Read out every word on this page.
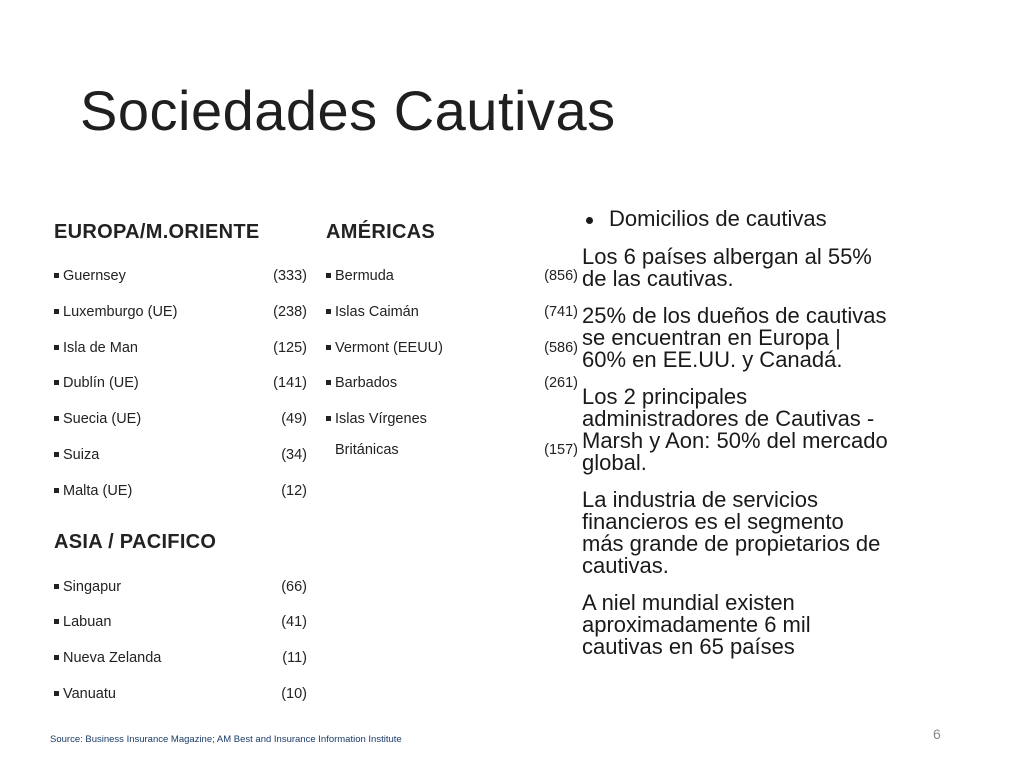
Sociedades Cautivas
EUROPA/M.ORIENTE
Guernsey	(333)
Luxemburgo (UE)	(238)
Isla de Man	(125)
Dublín (UE)	(141)
Suecia (UE)	(49)
Suiza	(34)
Malta (UE)	(12)
ASIA / PACIFICO
Singapur	(66)
Labuan	(41)
Nueva Zelanda	(11)
Vanuatu	(10)
AMÉRICAS
Bermuda	(856)
Islas Caimán	(741)
Vermont (EEUU)	(586)
Barbados	(261)
Islas Vírgenes
Británicas	(157)
Domicilios de cautivas
Los 6 países albergan al 55%
de las cautivas.
25% de los dueños de cautivas
se encuentran en Europa |
60% en EE.UU. y Canadá.
Los 2 principales
administradores de Cautivas -
Marsh y Aon: 50% del mercado
global.
La industria de servicios
financieros es el segmento
más grande de propietarios de
cautivas.
A niel mundial existen
aproximadamente 6 mil
cautivas en 65 países
Source: Business Insurance Magazine; AM Best and Insurance Information Institute	6
